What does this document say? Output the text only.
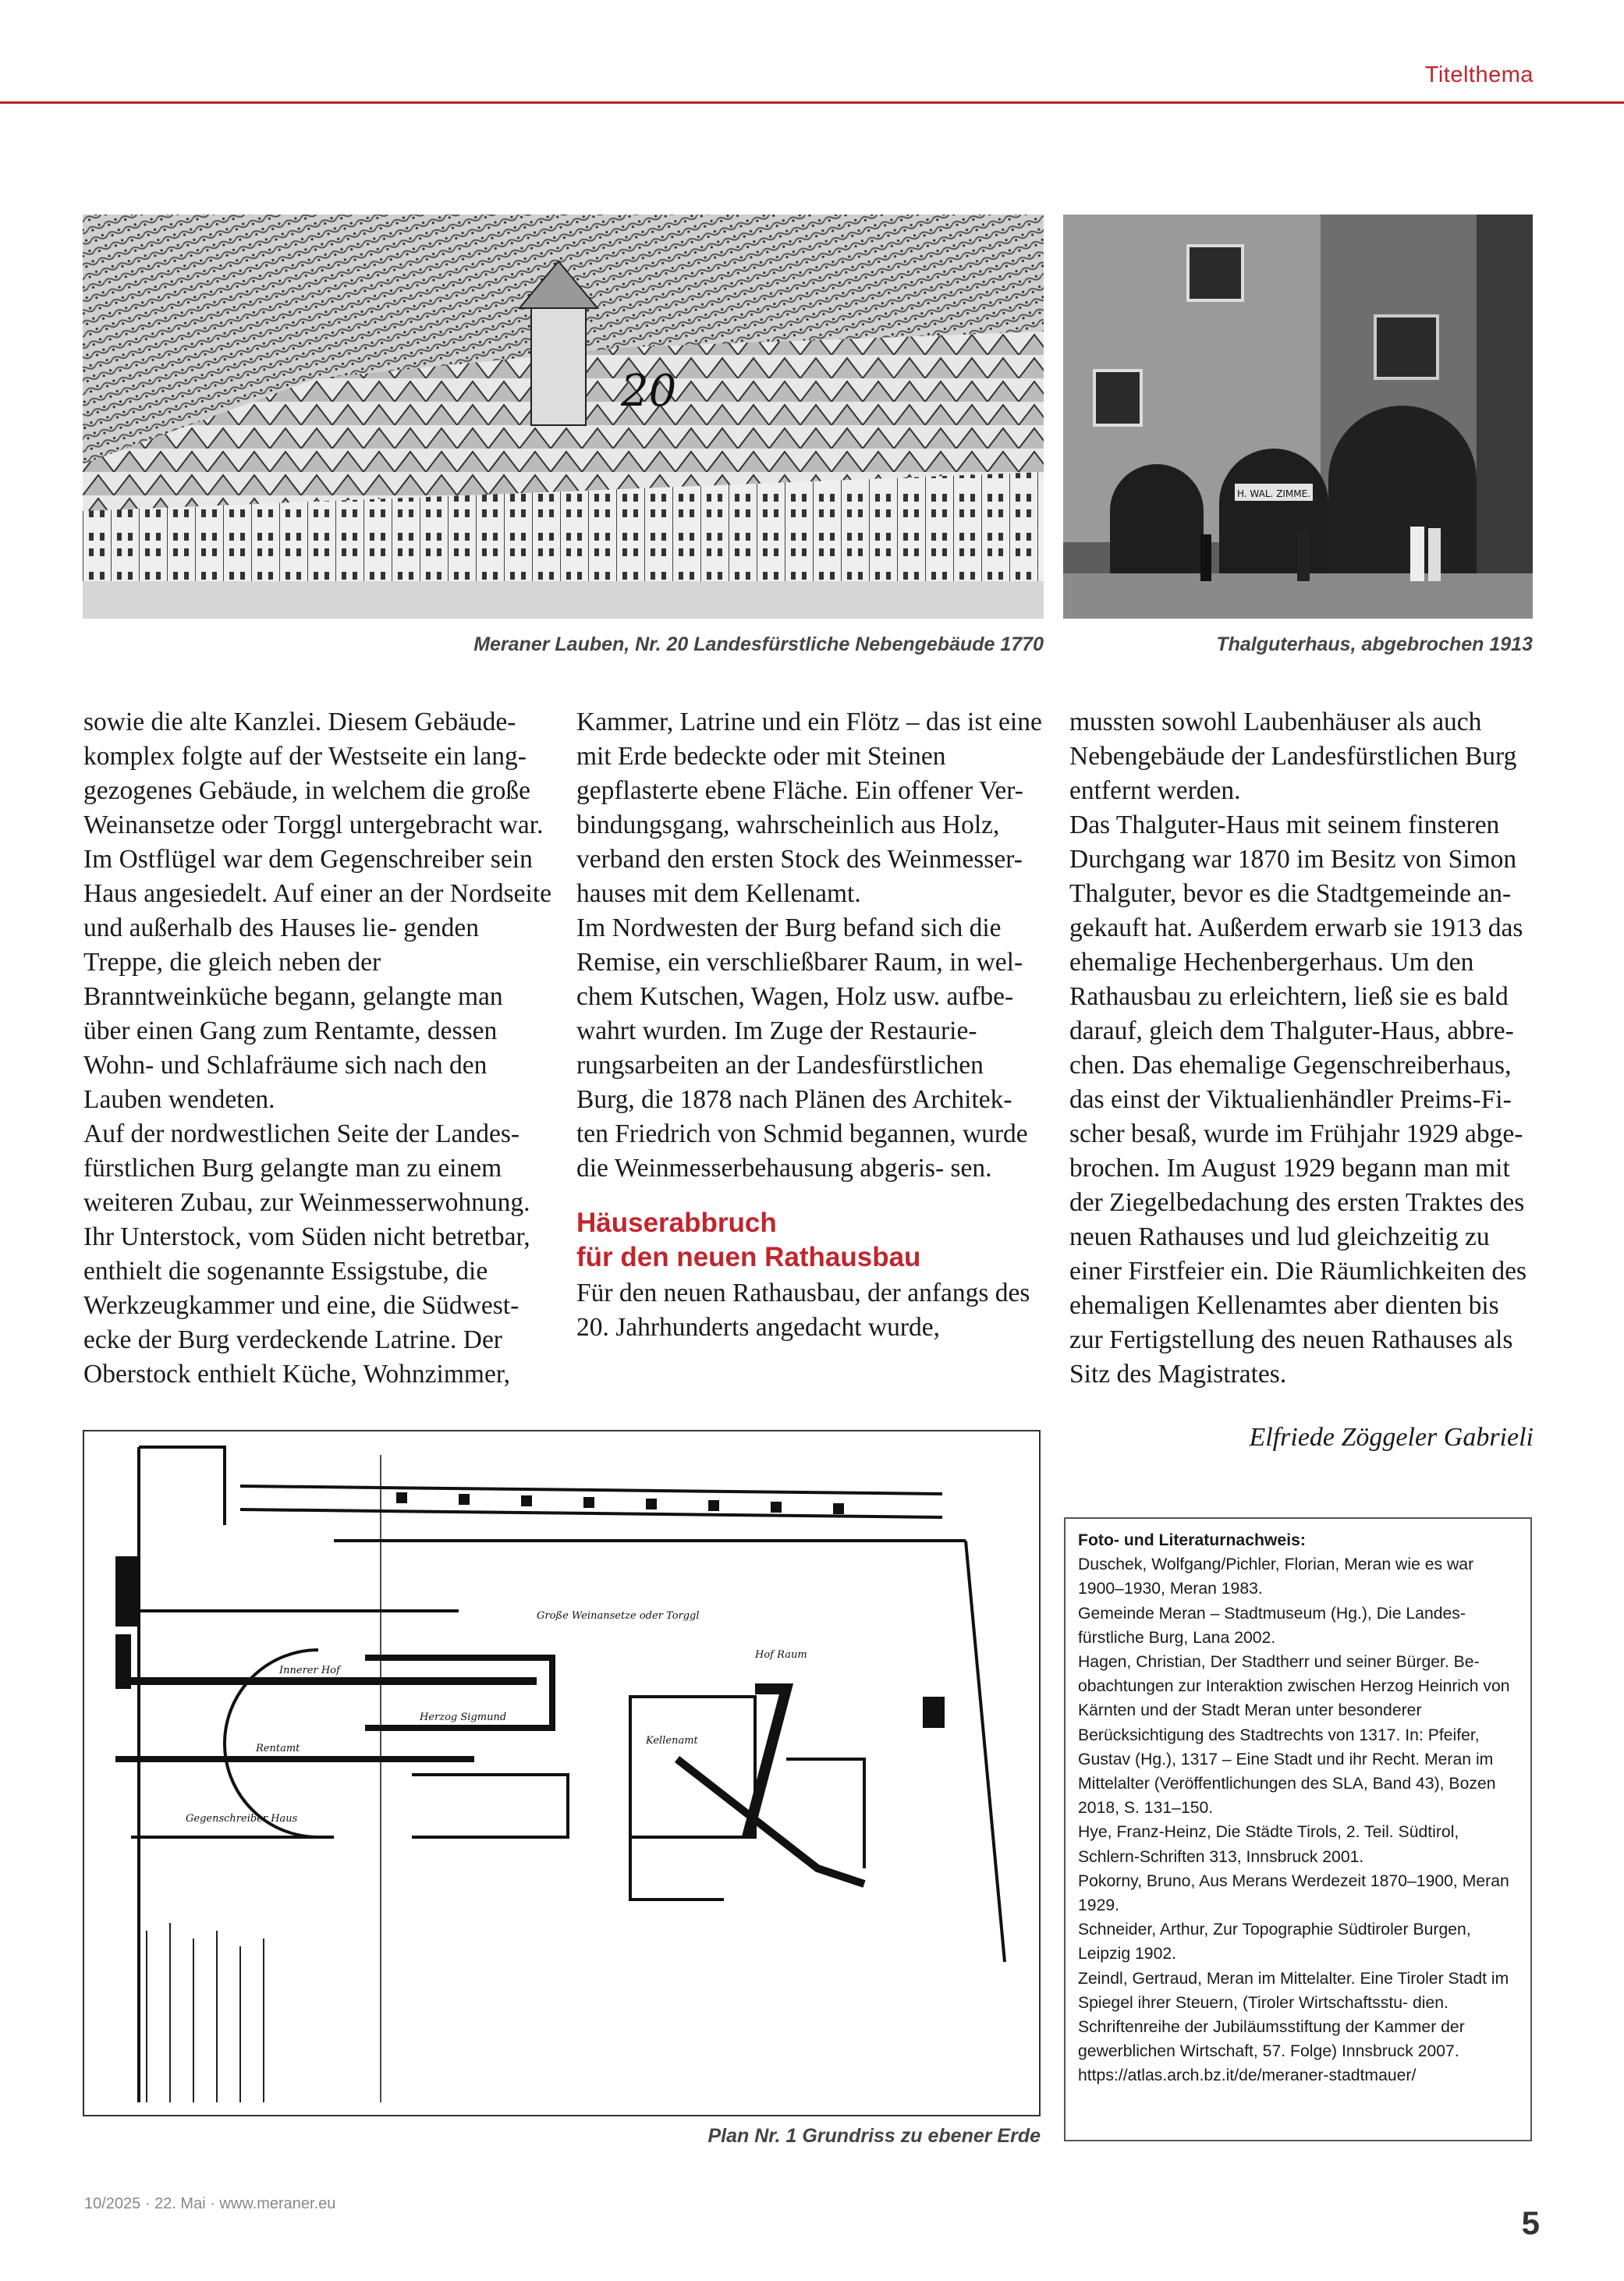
Titelthema
20
H. WAL. ZIMME.
Meraner Lauben, Nr. 20 Landesfürstliche Nebengebäude 1770	Thalguterhaus, abgebrochen 1913

sowie die alte Kanzlei. Diesem Gebäude- komplex folgte auf der Westseite ein lang- gezogenes Gebäude, in welchem die große Weinansetze oder Torggl untergebracht war. Im Ostflügel war dem Gegenschreiber sein Haus angesiedelt. Auf einer an der Nordseite und außerhalb des Hauses lie- genden Treppe, die gleich neben der Branntweinküche begann, gelangte man über einen Gang zum Rentamte, dessen Wohn- und Schlafräume sich nach den Lauben wendeten.

Auf der nordwestlichen Seite der Landes- fürstlichen Burg gelangte man zu einem weiteren Zubau, zur Weinmesserwohnung. Ihr Unterstock, vom Süden nicht betretbar, enthielt die sogenannte Essigstube, die Werkzeugkammer und eine, die Südwest- ecke der Burg verdeckende Latrine. Der Oberstock enthielt Küche, Wohnzimmer,

Kammer, Latrine und ein Flötz – das ist eine mit Erde bedeckte oder mit Steinen gepflasterte ebene Fläche. Ein offener Ver- bindungsgang, wahrscheinlich aus Holz, verband den ersten Stock des Weinmesser- hauses mit dem Kellenamt.

Im Nordwesten der Burg befand sich die Remise, ein verschließbarer Raum, in wel- chem Kutschen, Wagen, Holz usw. aufbe- wahrt wurden. Im Zuge der Restaurie- rungsarbeiten an der Landesfürstlichen Burg, die 1878 nach Plänen des Architek- ten Friedrich von Schmid begannen, wurde die Weinmesserbehausung abgeris- sen.

Häuserabbruch
für den neuen Rathausbau

Für den neuen Rathausbau, der anfangs des 20. Jahrhunderts angedacht wurde,

mussten sowohl Laubenhäuser als auch Nebengebäude der Landesfürstlichen Burg entfernt werden.

Das Thalguter-Haus mit seinem finsteren Durchgang war 1870 im Besitz von Simon Thalguter, bevor es die Stadtgemeinde an- gekauft hat. Außerdem erwarb sie 1913 das ehemalige Hechenbergerhaus. Um den Rathausbau zu erleichtern, ließ sie es bald darauf, gleich dem Thalguter-Haus, abbre- chen. Das ehemalige Gegenschreiberhaus, das einst der Viktualienhändler Preims-Fi- scher besaß, wurde im Frühjahr 1929 abge- brochen. Im August 1929 begann man mit der Ziegelbedachung des ersten Traktes des neuen Rathauses und lud gleichzeitig zu einer Firstfeier ein. Die Räumlichkeiten des ehemaligen Kellenamtes aber dienten bis zur Fertigstellung des neuen Rathauses als Sitz des Magistrates.

Elfriede Zöggeler Gabrieli
Große Weinansetze oder Torggl
Hof Raum
Herzog Sigmund
Gegenschreiber Haus
Kellenamt
Rentamt
Innerer Hof
Plan Nr. 1 Grundriss zu ebener Erde
Foto- und Literaturnachweis:
Duschek, Wolfgang/Pichler, Florian, Meran wie es war 1900–1930, Meran 1983.
Gemeinde Meran – Stadtmuseum (Hg.), Die Landes- fürstliche Burg, Lana 2002.
Hagen, Christian, Der Stadtherr und seiner Bürger. Be- obachtungen zur Interaktion zwischen Herzog Heinrich von Kärnten und der Stadt Meran unter besonderer Berücksichtigung des Stadtrechts von 1317. In: Pfeifer, Gustav (Hg.), 1317 – Eine Stadt und ihr Recht. Meran im Mittelalter (Veröffentlichungen des SLA, Band 43), Bozen 2018, S. 131–150.
Hye, Franz-Heinz, Die Städte Tirols, 2. Teil. Südtirol, Schlern-Schriften 313, Innsbruck 2001.
Pokorny, Bruno, Aus Merans Werdezeit 1870–1900, Meran 1929.
Schneider, Arthur, Zur Topographie Südtiroler Burgen, Leipzig 1902.
Zeindl, Gertraud, Meran im Mittelalter. Eine Tiroler Stadt im Spiegel ihrer Steuern, (Tiroler Wirtschaftsstu- dien. Schriftenreihe der Jubiläumsstiftung der Kammer der gewerblichen Wirtschaft, 57. Folge) Innsbruck 2007.
https://atlas.arch.bz.it/de/meraner-stadtmauer/
10/2025 · 22. Mai · www.meraner.eu
5
